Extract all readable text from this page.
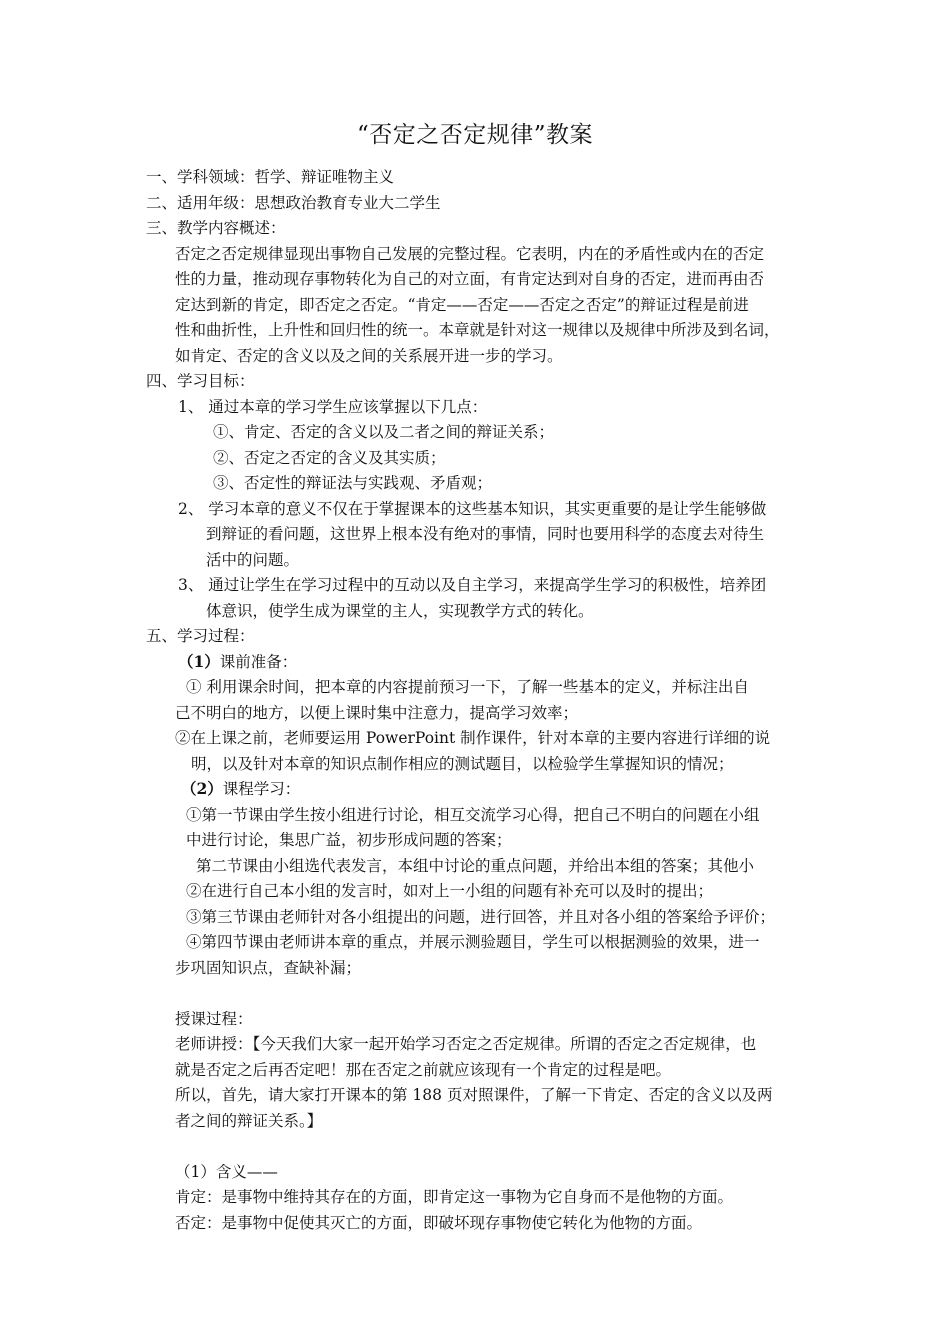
“否定之否定规律”教案
一、学科领域：哲学、辩证唯物主义
二、适用年级：思想政治教育专业大二学生
三、教学内容概述：
否定之否定规律显现出事物自己发展的完整过程。它表明，内在的矛盾性或内在的否定
性的力量，推动现存事物转化为自己的对立面，有肯定达到对自身的否定，进而再由否
定达到新的肯定，即否定之否定。“肯定——否定——否定之否定”的辩证过程是前进
性和曲折性，上升性和回归性的统一。本章就是针对这一规律以及规律中所涉及到名词，
如肯定、否定的含义以及之间的关系展开进一步的学习。
四、学习目标：
1、 通过本章的学习学生应该掌握以下几点：
①、肯定、否定的含义以及二者之间的辩证关系；
②、否定之否定的含义及其实质；
③、否定性的辩证法与实践观、矛盾观；
2、 学习本章的意义不仅在于掌握课本的这些基本知识，其实更重要的是让学生能够做
到辩证的看问题，这世界上根本没有绝对的事情，同时也要用科学的态度去对待生
活中的问题。
3、 通过让学生在学习过程中的互动以及自主学习，来提高学生学习的积极性，培养团
体意识，使学生成为课堂的主人，实现教学方式的转化。
五、学习过程：
（1）课前准备：
① 利用课余时间，把本章的内容提前预习一下，了解一些基本的定义，并标注出自
己不明白的地方，以便上课时集中注意力，提高学习效率；
②在上课之前，老师要运用 PowerPoint 制作课件，针对本章的主要内容进行详细的说
明，以及针对本章的知识点制作相应的测试题目，以检验学生掌握知识的情况；
（2）课程学习：
①第一节课由学生按小组进行讨论，相互交流学习心得，把自己不明白的问题在小组
中进行讨论，集思广益，初步形成问题的答案；
第二节课由小组选代表发言，本组中讨论的重点问题，并给出本组的答案；其他小
②在进行自己本小组的发言时，如对上一小组的问题有补充可以及时的提出；
③第三节课由老师针对各小组提出的问题，进行回答，并且对各小组的答案给予评价；
④第四节课由老师讲本章的重点，并展示测验题目，学生可以根据测验的效果，进一
步巩固知识点，查缺补漏；
授课过程：
老师讲授：【今天我们大家一起开始学习否定之否定规律。所谓的否定之否定规律，也
就是否定之后再否定吧！那在否定之前就应该现有一个肯定的过程是吧。
所以，首先，请大家打开课本的第 188 页对照课件，了解一下肯定、否定的含义以及两
者之间的辩证关系。】
（1）含义——
肯定：是事物中维持其存在的方面，即肯定这一事物为它自身而不是他物的方面。
否定：是事物中促使其灭亡的方面，即破坏现存事物使它转化为他物的方面。
